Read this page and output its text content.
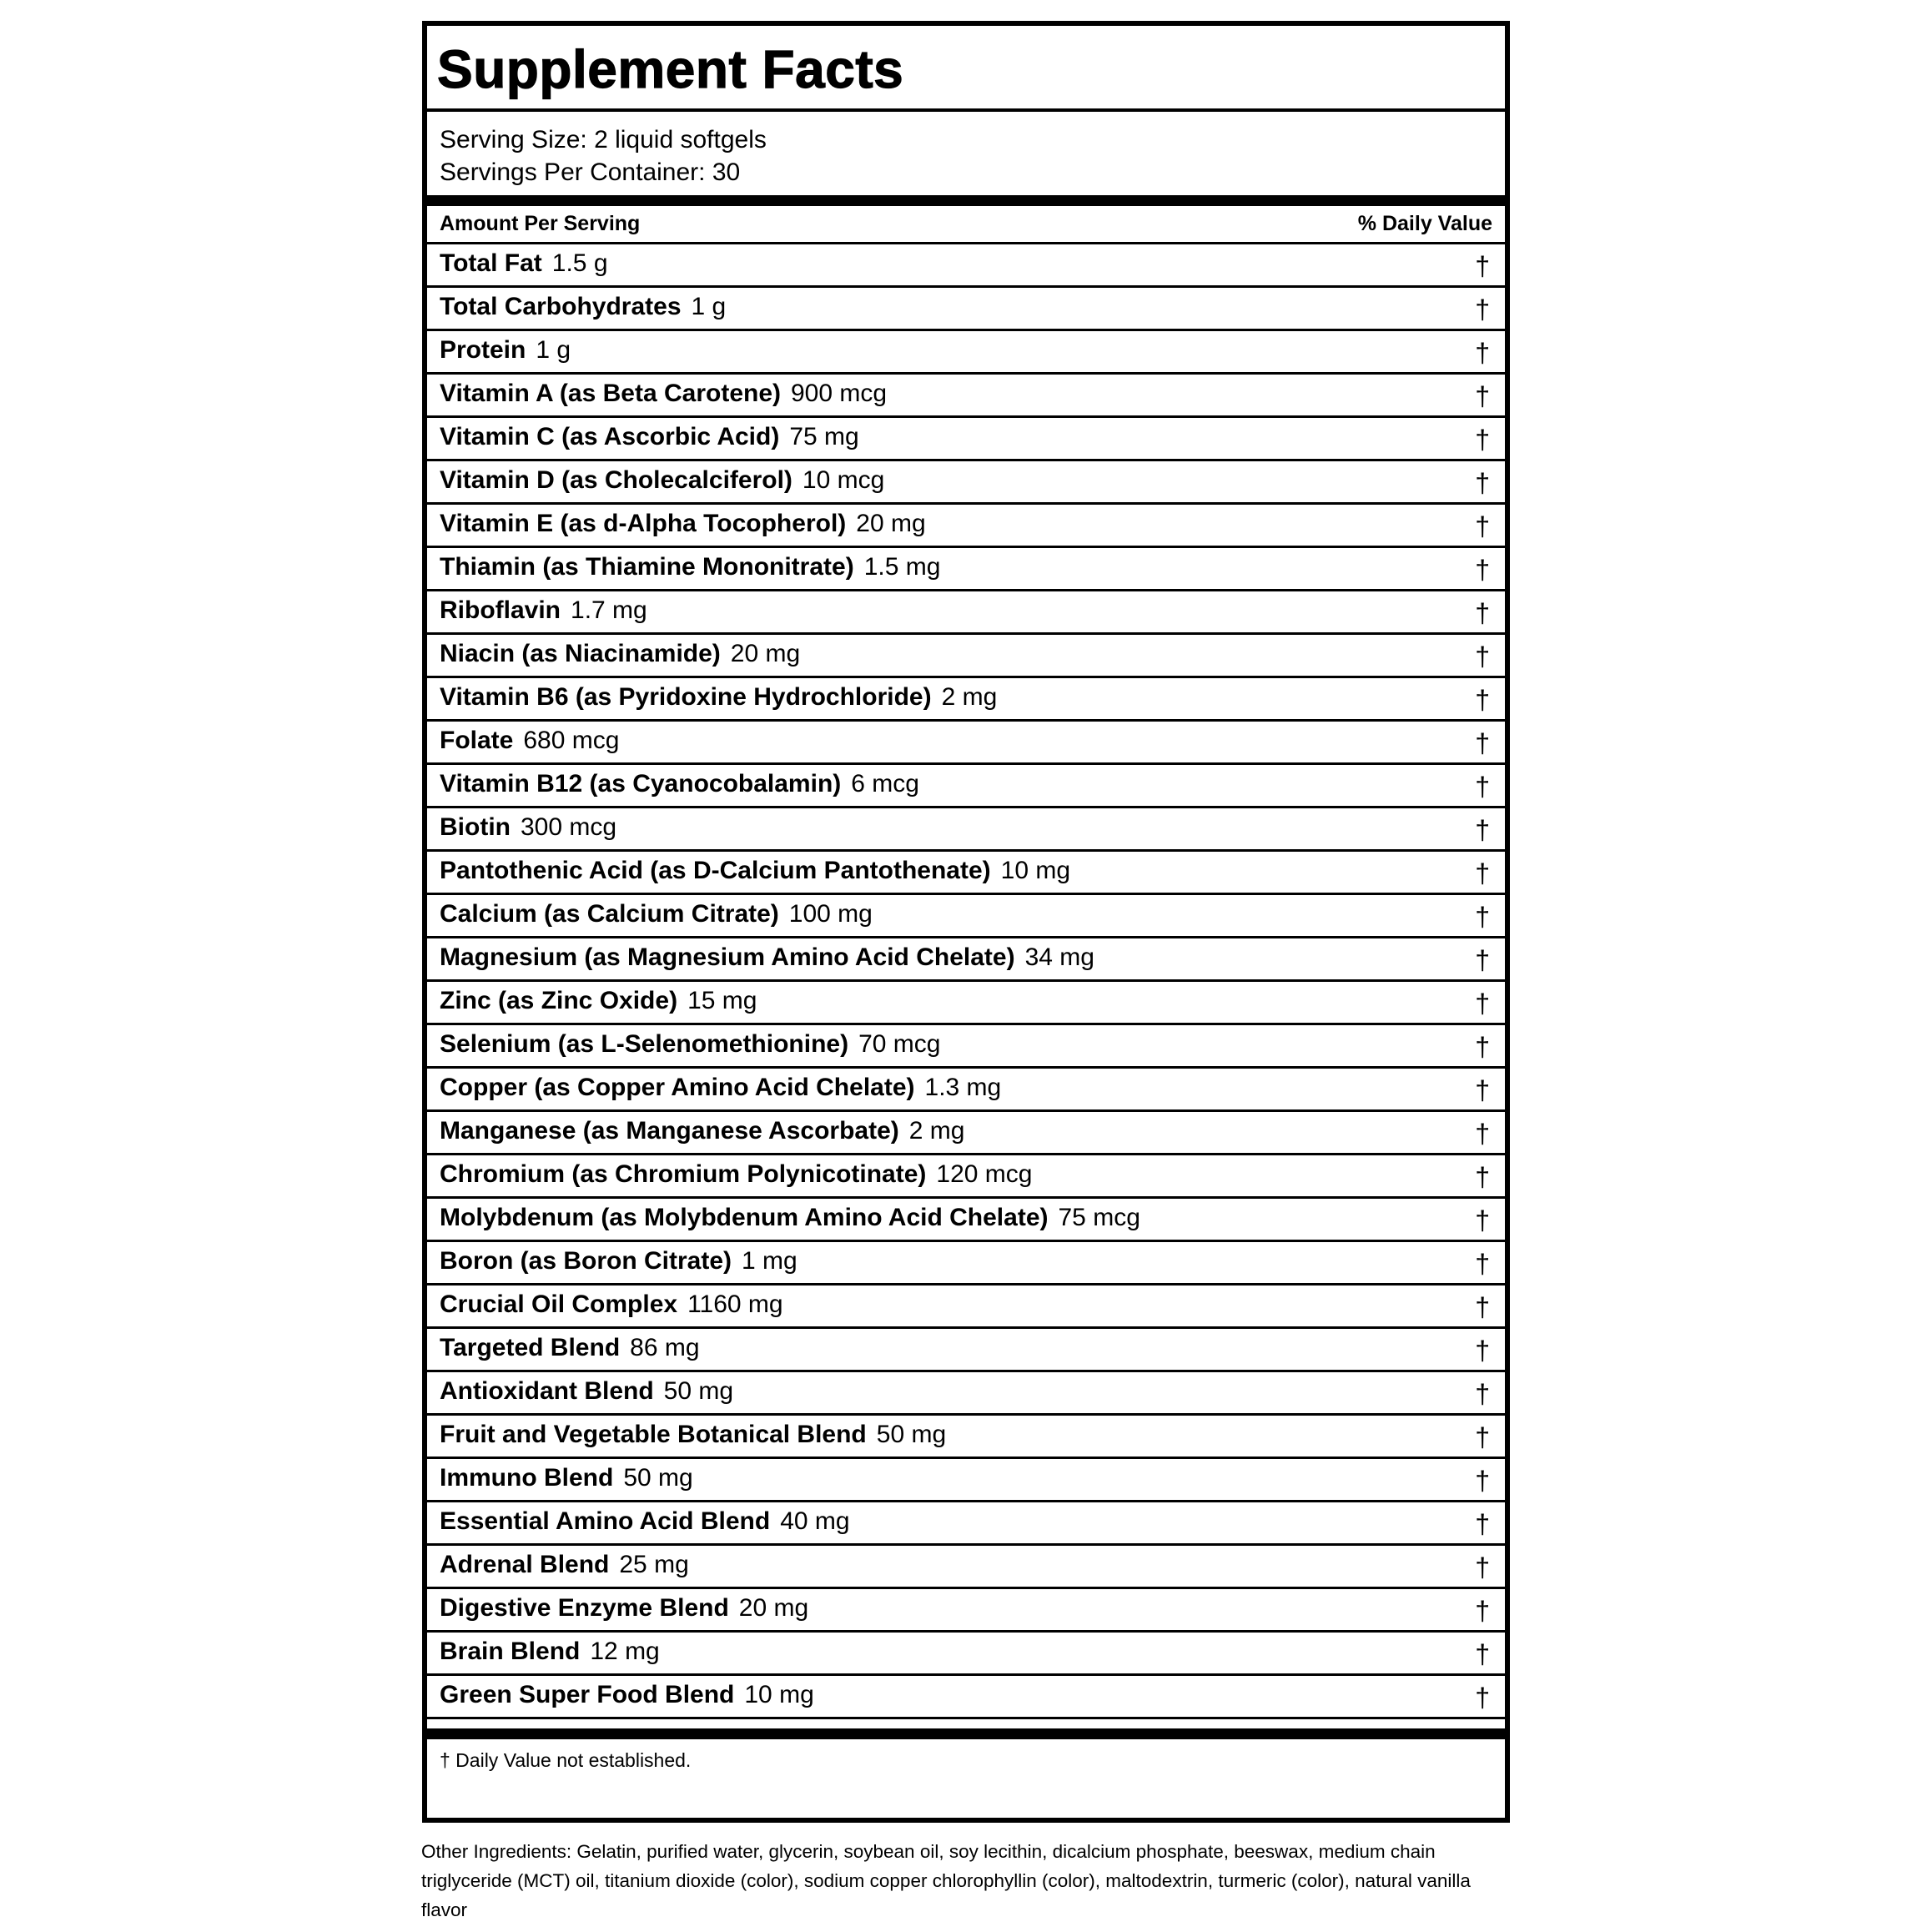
Supplement Facts
Serving Size: 2 liquid softgels
Servings Per Container: 30
Amount Per Serving	% Daily Value
Total Fat 1.5 g	†
Total Carbohydrates 1 g	†
Protein 1 g	†
Vitamin A (as Beta Carotene) 900 mcg	†
Vitamin C (as Ascorbic Acid) 75 mg	†
Vitamin D (as Cholecalciferol) 10 mcg	†
Vitamin E (as d-Alpha Tocopherol) 20 mg	†
Thiamin (as Thiamine Mononitrate) 1.5 mg	†
Riboflavin 1.7 mg	†
Niacin (as Niacinamide) 20 mg	†
Vitamin B6 (as Pyridoxine Hydrochloride) 2 mg	†
Folate 680 mcg	†
Vitamin B12 (as Cyanocobalamin) 6 mcg	†
Biotin 300 mcg	†
Pantothenic Acid (as D-Calcium Pantothenate) 10 mg	†
Calcium (as Calcium Citrate) 100 mg	†
Magnesium (as Magnesium Amino Acid Chelate) 34 mg	†
Zinc (as Zinc Oxide) 15 mg	†
Selenium (as L-Selenomethionine) 70 mcg	†
Copper (as Copper Amino Acid Chelate) 1.3 mg	†
Manganese (as Manganese Ascorbate) 2 mg	†
Chromium (as Chromium Polynicotinate) 120 mcg	†
Molybdenum (as Molybdenum Amino Acid Chelate) 75 mcg	†
Boron (as Boron Citrate) 1 mg	†
Crucial Oil Complex 1160 mg	†
Targeted Blend 86 mg	†
Antioxidant Blend 50 mg	†
Fruit and Vegetable Botanical Blend 50 mg	†
Immuno Blend 50 mg	†
Essential Amino Acid Blend 40 mg	†
Adrenal Blend 25 mg	†
Digestive Enzyme Blend 20 mg	†
Brain Blend 12 mg	†
Green Super Food Blend 10 mg	†
† Daily Value not established.
Other Ingredients: Gelatin, purified water, glycerin, soybean oil, soy lecithin, dicalcium phosphate, beeswax, medium chain triglyceride (MCT) oil, titanium dioxide (color), sodium copper chlorophyllin (color), maltodextrin, turmeric (color), natural vanilla flavor
